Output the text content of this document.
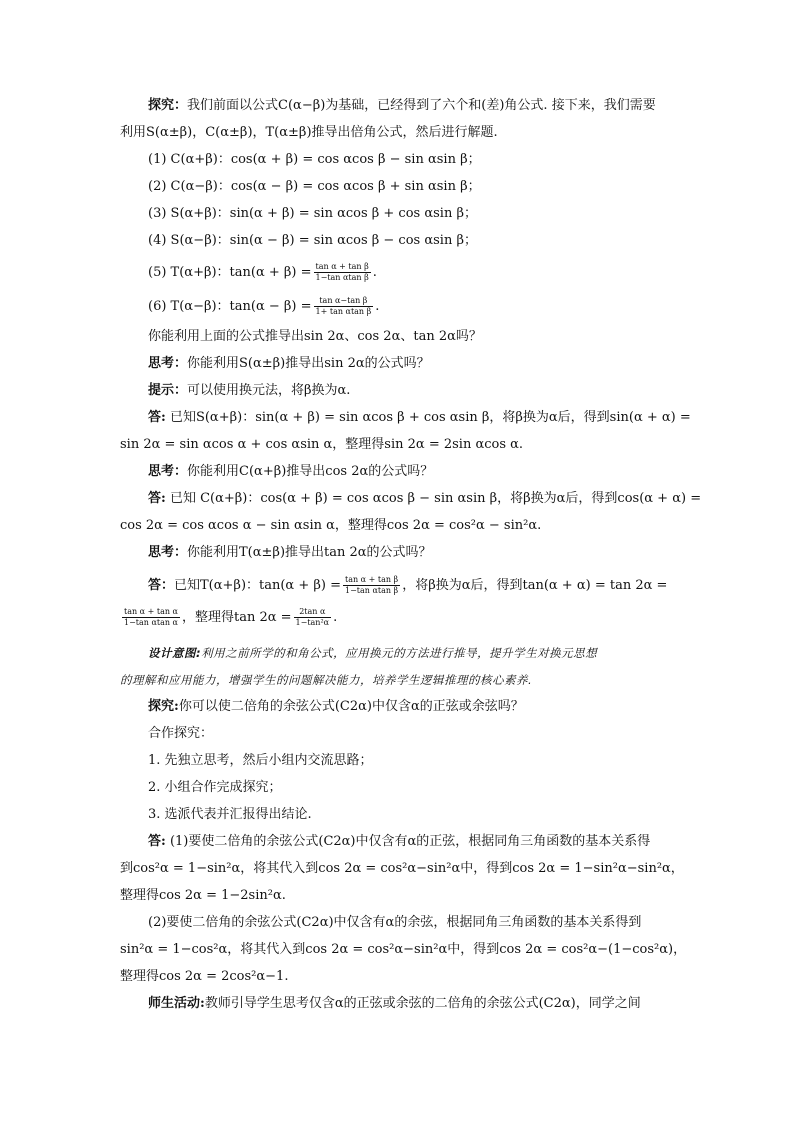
探究：我们前面以公式C(α−β)为基础，已经得到了六个和(差)角公式. 接下来，我们需要
利用S(α±β)，C(α±β)，T(α±β)推导出倍角公式，然后进行解题.
(1) C(α+β)：cos(α + β) = cos αcos β − sin αsin β；
(2) C(α−β)：cos(α − β) = cos αcos β + sin αsin β；
(3) S(α+β)：sin(α + β) = sin αcos β + cos αsin β；
(4) S(α−β)：sin(α − β) = sin αcos β − cos αsin β；
(5) T(α+β)：$\tan(\alpha + \beta) = \frac{\text{tan α + tan β}}{\text{1−tan αtan β}}$ .
(6) T(α−β)：$\tan(\alpha - \beta) = \frac{\text{tan α−tan β}}{\text{1+ tan αtan β}}$ .
你能利用上面的公式推导出sin 2α、cos 2α、tan 2α吗？
思考：你能利用S(α±β)推导出sin 2α的公式吗？
提示：可以使用换元法，将β换为α.
答: 已知S(α+β)：sin(α + β) = sin αcos β + cos αsin β，将β换为α后，得到sin(α + α) =
sin 2α = sin αcos α + cos αsin α，整理得sin 2α = 2sin αcos α.
思考：你能利用C(α+β)推导出cos 2α的公式吗？
答: 已知 C(α+β)：cos(α + β) = cos αcos β − sin αsin β，将β换为α后，得到cos(α + α) =
cos 2α = cos αcos α − sin αsin α，整理得cos 2α = cos²α − sin²α.
思考：你能利用T(α±β)推导出tan 2α的公式吗？
答：已知T(α+β)：$\tan(\alpha + \beta) = \frac{\text{tan α + tan β}}{\text{1−tan αtan β}}$ ，将β换为α后，得到tan(α + α) = tan 2α =
$\frac{\text{tan α + tan α}}{\text{1−tan αtan α}}$ ，整理得$\tan 2\alpha = \frac{\text{2tan α}}{\text{1−tan²α}}$ .
设计意图:利用之前所学的和角公式，应用换元的方法进行推导，提升学生对换元思想
的理解和应用能力，增强学生的问题解决能力，培养学生逻辑推理的核心素养.
探究:你可以使二倍角的余弦公式(C2α)中仅含α的正弦或余弦吗？
合作探究：
1. 先独立思考，然后小组内交流思路；
2. 小组合作完成探究；
3. 选派代表并汇报得出结论.
答: (1)要使二倍角的余弦公式(C2α)中仅含有α的正弦，根据同角三角函数的基本关系得
到cos²α = 1−sin²α，将其代入到cos 2α = cos²α−sin²α中，得到cos 2α = 1−sin²α−sin²α，
整理得cos 2α = 1−2sin²α.
(2)要使二倍角的余弦公式(C2α)中仅含有α的余弦，根据同角三角函数的基本关系得到
sin²α = 1−cos²α，将其代入到cos 2α = cos²α−sin²α中，得到cos 2α = cos²α−(1−cos²α)，
整理得cos 2α = 2cos²α−1.
师生活动:教师引导学生思考仅含α的正弦或余弦的二倍角的余弦公式(C2α)，同学之间
